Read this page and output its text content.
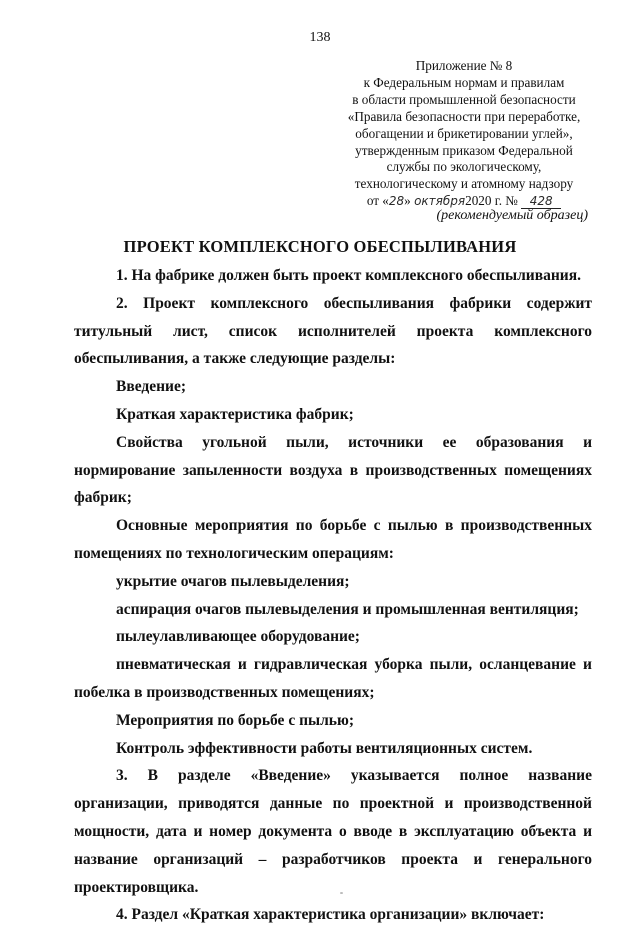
138
Приложение № 8
к Федеральным нормам и правилам
в области промышленной безопасности
«Правила безопасности при переработке,
обогащении и брикетировании углей»,
утвержденным приказом Федеральной
службы по экологическому,
технологическому и атомному надзору
от «28» октября2020 г. № 428
(рекомендуемый образец)
ПРОЕКТ КОМПЛЕКСНОГО ОБЕСПЫЛИВАНИЯ

1. На фабрике должен быть проект комплексного обеспыливания.

2. Проект комплексного обеспыливания фабрики содержит титульный лист, список исполнителей проекта комплексного обеспыливания, а также следующие разделы:

Введение;

Краткая характеристика фабрик;

Свойства угольной пыли, источники ее образования и нормирование запыленности воздуха в производственных помещениях фабрик;

Основные мероприятия по борьбе с пылью в производственных помещениях по технологическим операциям:

укрытие очагов пылевыделения;

аспирация очагов пылевыделения и промышленная вентиляция;

пылеулавливающее оборудование;

пневматическая и гидравлическая уборка пыли, осланцевание и побелка в производственных помещениях;

Мероприятия по борьбе с пылью;

Контроль эффективности работы вентиляционных систем.

3. В разделе «Введение» указывается полное название организации, приводятся данные по проектной и производственной мощности, дата и номер документа о вводе в эксплуатацию объекта и название организаций – разработчиков проекта и генерального проектировщика.

4. Раздел «Краткая характеристика организации» включает:
